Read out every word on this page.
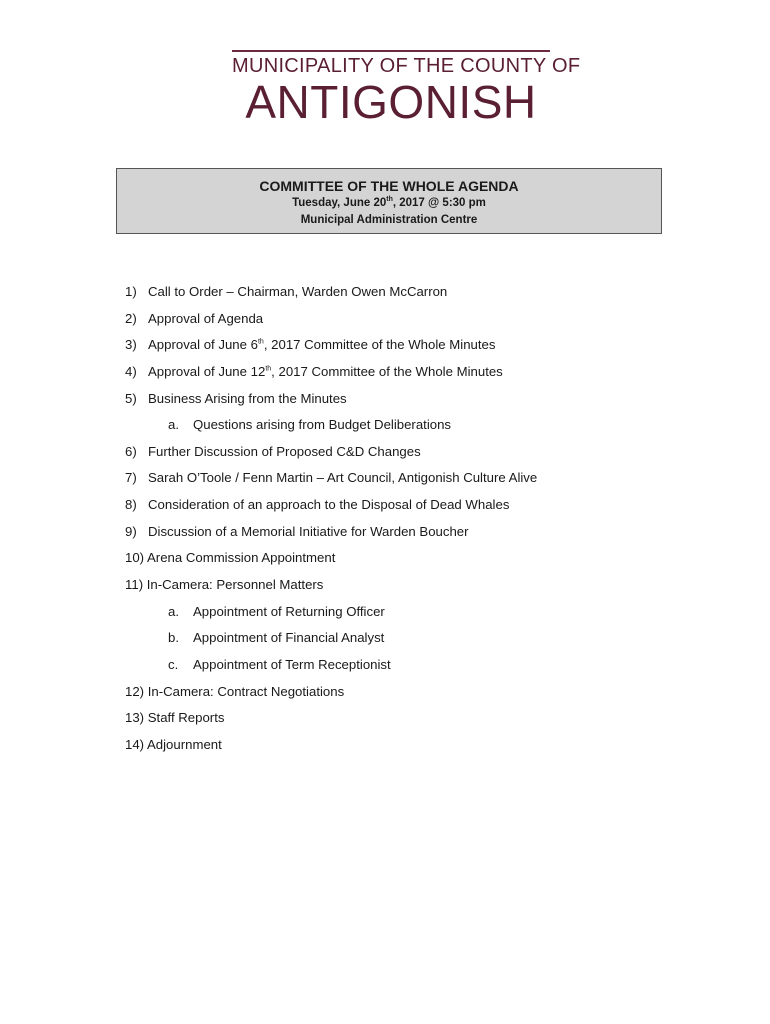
MUNICIPALITY OF THE COUNTY OF
ANTIGONISH
COMMITTEE OF THE WHOLE AGENDA
Tuesday, June 20th, 2017 @ 5:30 pm
Municipal Administration Centre
1) Call to Order – Chairman, Warden Owen McCarron
2) Approval of Agenda
3) Approval of June 6th, 2017 Committee of the Whole Minutes
4) Approval of June 12th, 2017 Committee of the Whole Minutes
5) Business Arising from the Minutes
a. Questions arising from Budget Deliberations
6) Further Discussion of Proposed C&D Changes
7) Sarah O’Toole / Fenn Martin – Art Council, Antigonish Culture Alive
8) Consideration of an approach to the Disposal of Dead Whales
9) Discussion of a Memorial Initiative for Warden Boucher
10) Arena Commission Appointment
11) In-Camera: Personnel Matters
a. Appointment of Returning Officer
b. Appointment of Financial Analyst
c. Appointment of Term Receptionist
12) In-Camera: Contract Negotiations
13) Staff Reports
14) Adjournment
